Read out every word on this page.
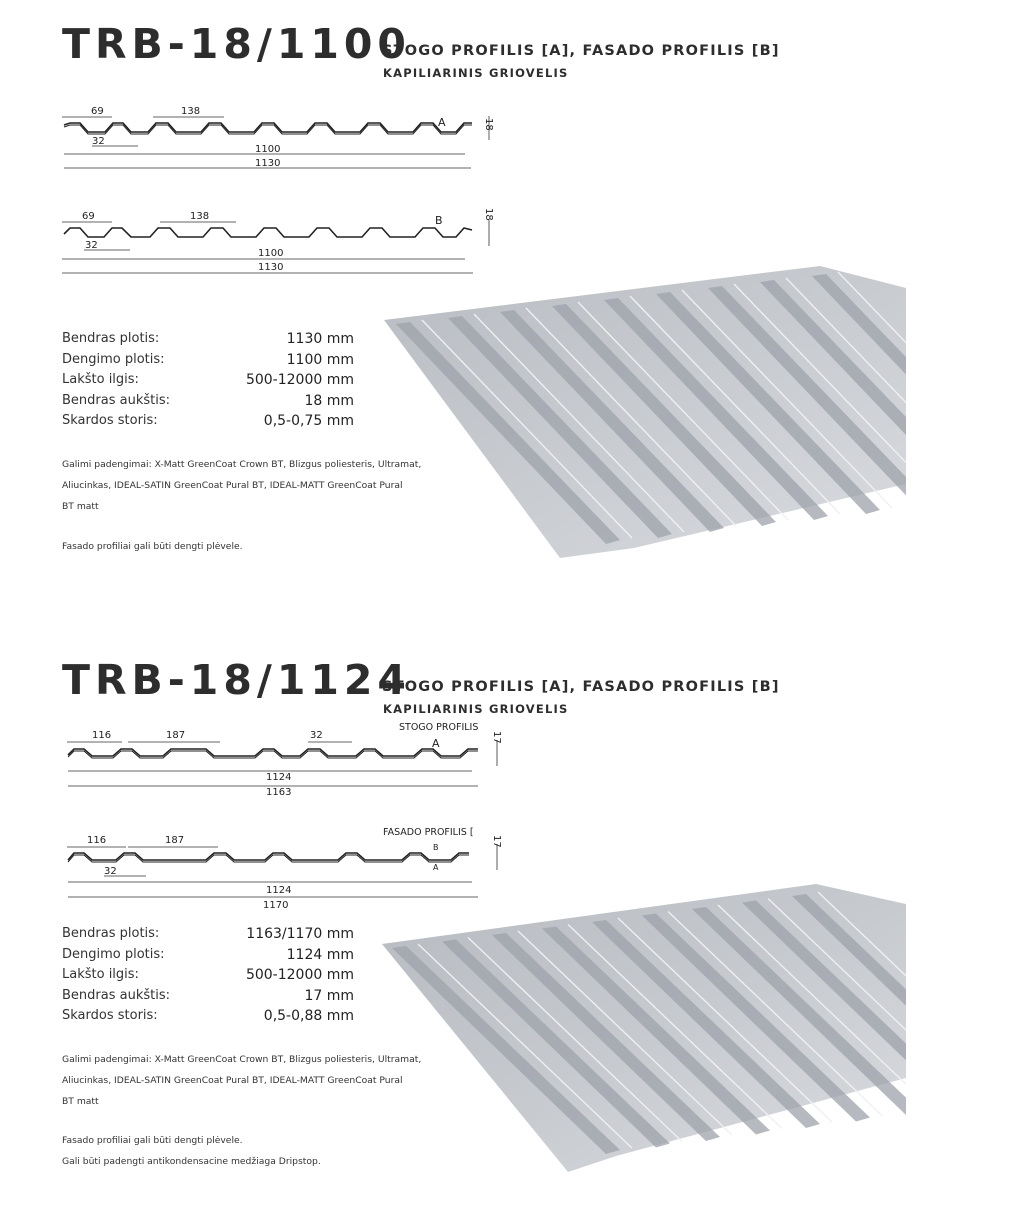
TRB-18/1100
STOGO PROFILIS [A], FASADO PROFILIS [B]
KAPILIARINIS GRIOVELIS
69	138
32
1100
1130
A	18
69	138
32
1100
1130
B	18
Bendras plotis:	1130 mm
Dengimo plotis:	1100 mm
Lakšto ilgis:	500-12000 mm
Bendras aukštis:	18 mm
Skardos storis:	0,5-0,75 mm
Galimi padengimai: X-Matt GreenCoat Crown BT, Blizgus poliesteris, Ultramat,
Aliucinkas, IDEAL-SATIN GreenCoat Pural BT, IDEAL-MATT GreenCoat Pural
BT matt
Fasado profiliai gali būti dengti plėvele.
TRB-18/1124
STOGO PROFILIS [A], FASADO PROFILIS [B]
KAPILIARINIS GRIOVELIS
STOGO PROFILIS
116	187	32
1124
1163
A	17
FASADO PROFILIS [
116	187
32
1124
1170
B
A
17
Bendras plotis:	1163/1170 mm
Dengimo plotis:	1124 mm
Lakšto ilgis:	500-12000 mm
Bendras aukštis:	17 mm
Skardos storis:	0,5-0,88 mm
Galimi padengimai: X-Matt GreenCoat Crown BT, Blizgus poliesteris, Ultramat,
Aliucinkas, IDEAL-SATIN GreenCoat Pural BT, IDEAL-MATT GreenCoat Pural
BT matt
Fasado profiliai gali būti dengti plėvele.
Gali būti padengti antikondensacine medžiaga Dripstop.
